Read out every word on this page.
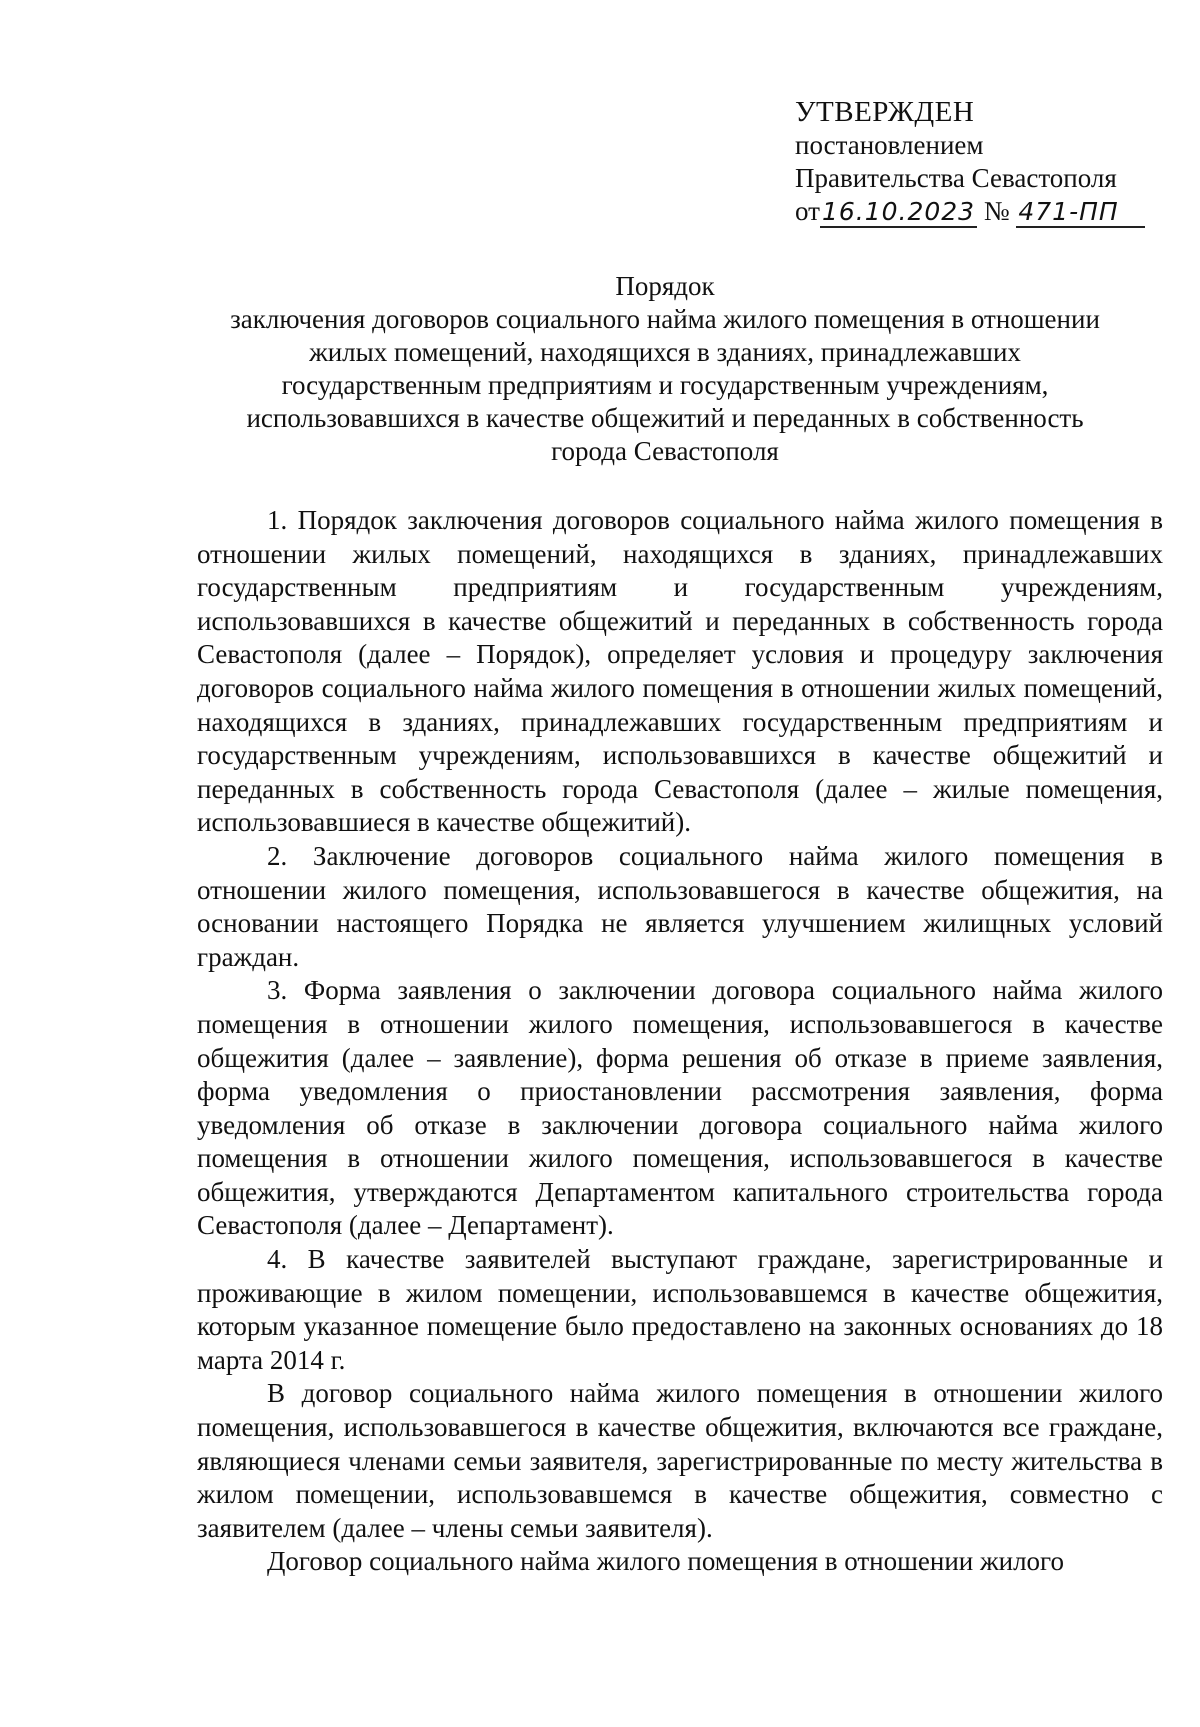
УТВЕРЖДЕН
постановлением
Правительства Севастополя
от16.10.2023 № 471-ПП
Порядок
заключения договоров социального найма жилого помещения в отношении
жилых помещений, находящихся в зданиях, принадлежавших
государственным предприятиям и государственным учреждениям,
использовавшихся в качестве общежитий и переданных в собственность
города Севастополя

1. Порядок заключения договоров социального найма жилого помещения в отношении жилых помещений, находящихся в зданиях, принадлежавших государственным предприятиям и государственным учреждениям, использовавшихся в качестве общежитий и переданных в собственность города Севастополя (далее – Порядок), определяет условия и процедуру заключения договоров социального найма жилого помещения в отношении жилых помещений, находящихся в зданиях, принадлежавших государственным предприятиям и государственным учреждениям, использовавшихся в качестве общежитий и переданных в собственность города Севастополя (далее – жилые помещения, использовавшиеся в качестве общежитий).

2. Заключение договоров социального найма жилого помещения в отношении жилого помещения, использовавшегося в качестве общежития, на основании настоящего Порядка не является улучшением жилищных условий граждан.

3. Форма заявления о заключении договора социального найма жилого помещения в отношении жилого помещения, использовавшегося в качестве общежития (далее – заявление), форма решения об отказе в приеме заявления, форма уведомления о приостановлении рассмотрения заявления, форма уведомления об отказе в заключении договора социального найма жилого помещения в отношении жилого помещения, использовавшегося в качестве общежития, утверждаются Департаментом капитального строительства города Севастополя (далее – Департамент).

4. В качестве заявителей выступают граждане, зарегистрированные и проживающие в жилом помещении, использовавшемся в качестве общежития, которым указанное помещение было предоставлено на законных основаниях до 18 марта 2014 г.

В договор социального найма жилого помещения в отношении жилого помещения, использовавшегося в качестве общежития, включаются все граждане, являющиеся членами семьи заявителя, зарегистрированные по месту жительства в жилом помещении, использовавшемся в качестве общежития, совместно с заявителем (далее – члены семьи заявителя).

Договор социального найма жилого помещения в отношении жилого
